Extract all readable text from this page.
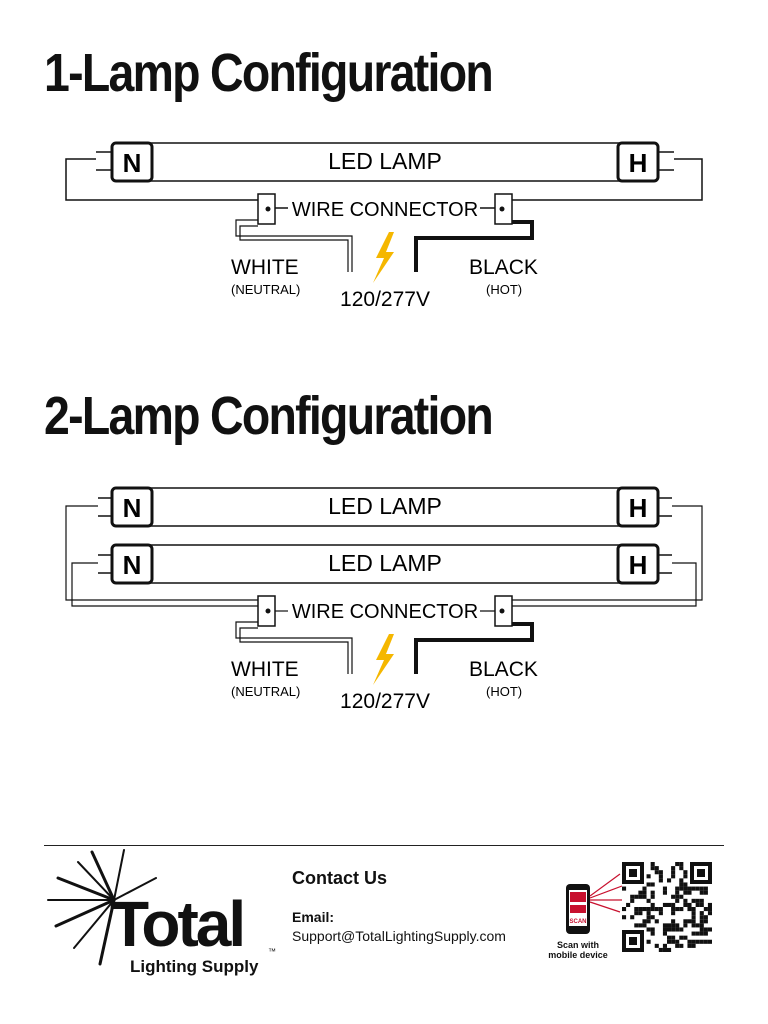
1-Lamp Configuration
N	H
LED LAMP
WIRE CONNECTOR
WHITE
(NEUTRAL)
BLACK
(HOT)
120/277V
2-Lamp Configuration
N	H
LED LAMP
N	H
LED LAMP
WIRE CONNECTOR
WHITE
(NEUTRAL)
BLACK
(HOT)
120/277V
Total	™
Lighting Supply
Contact Us
Email:
Support@TotalLightingSupply.com
SCAN
Scan with
mobile device
